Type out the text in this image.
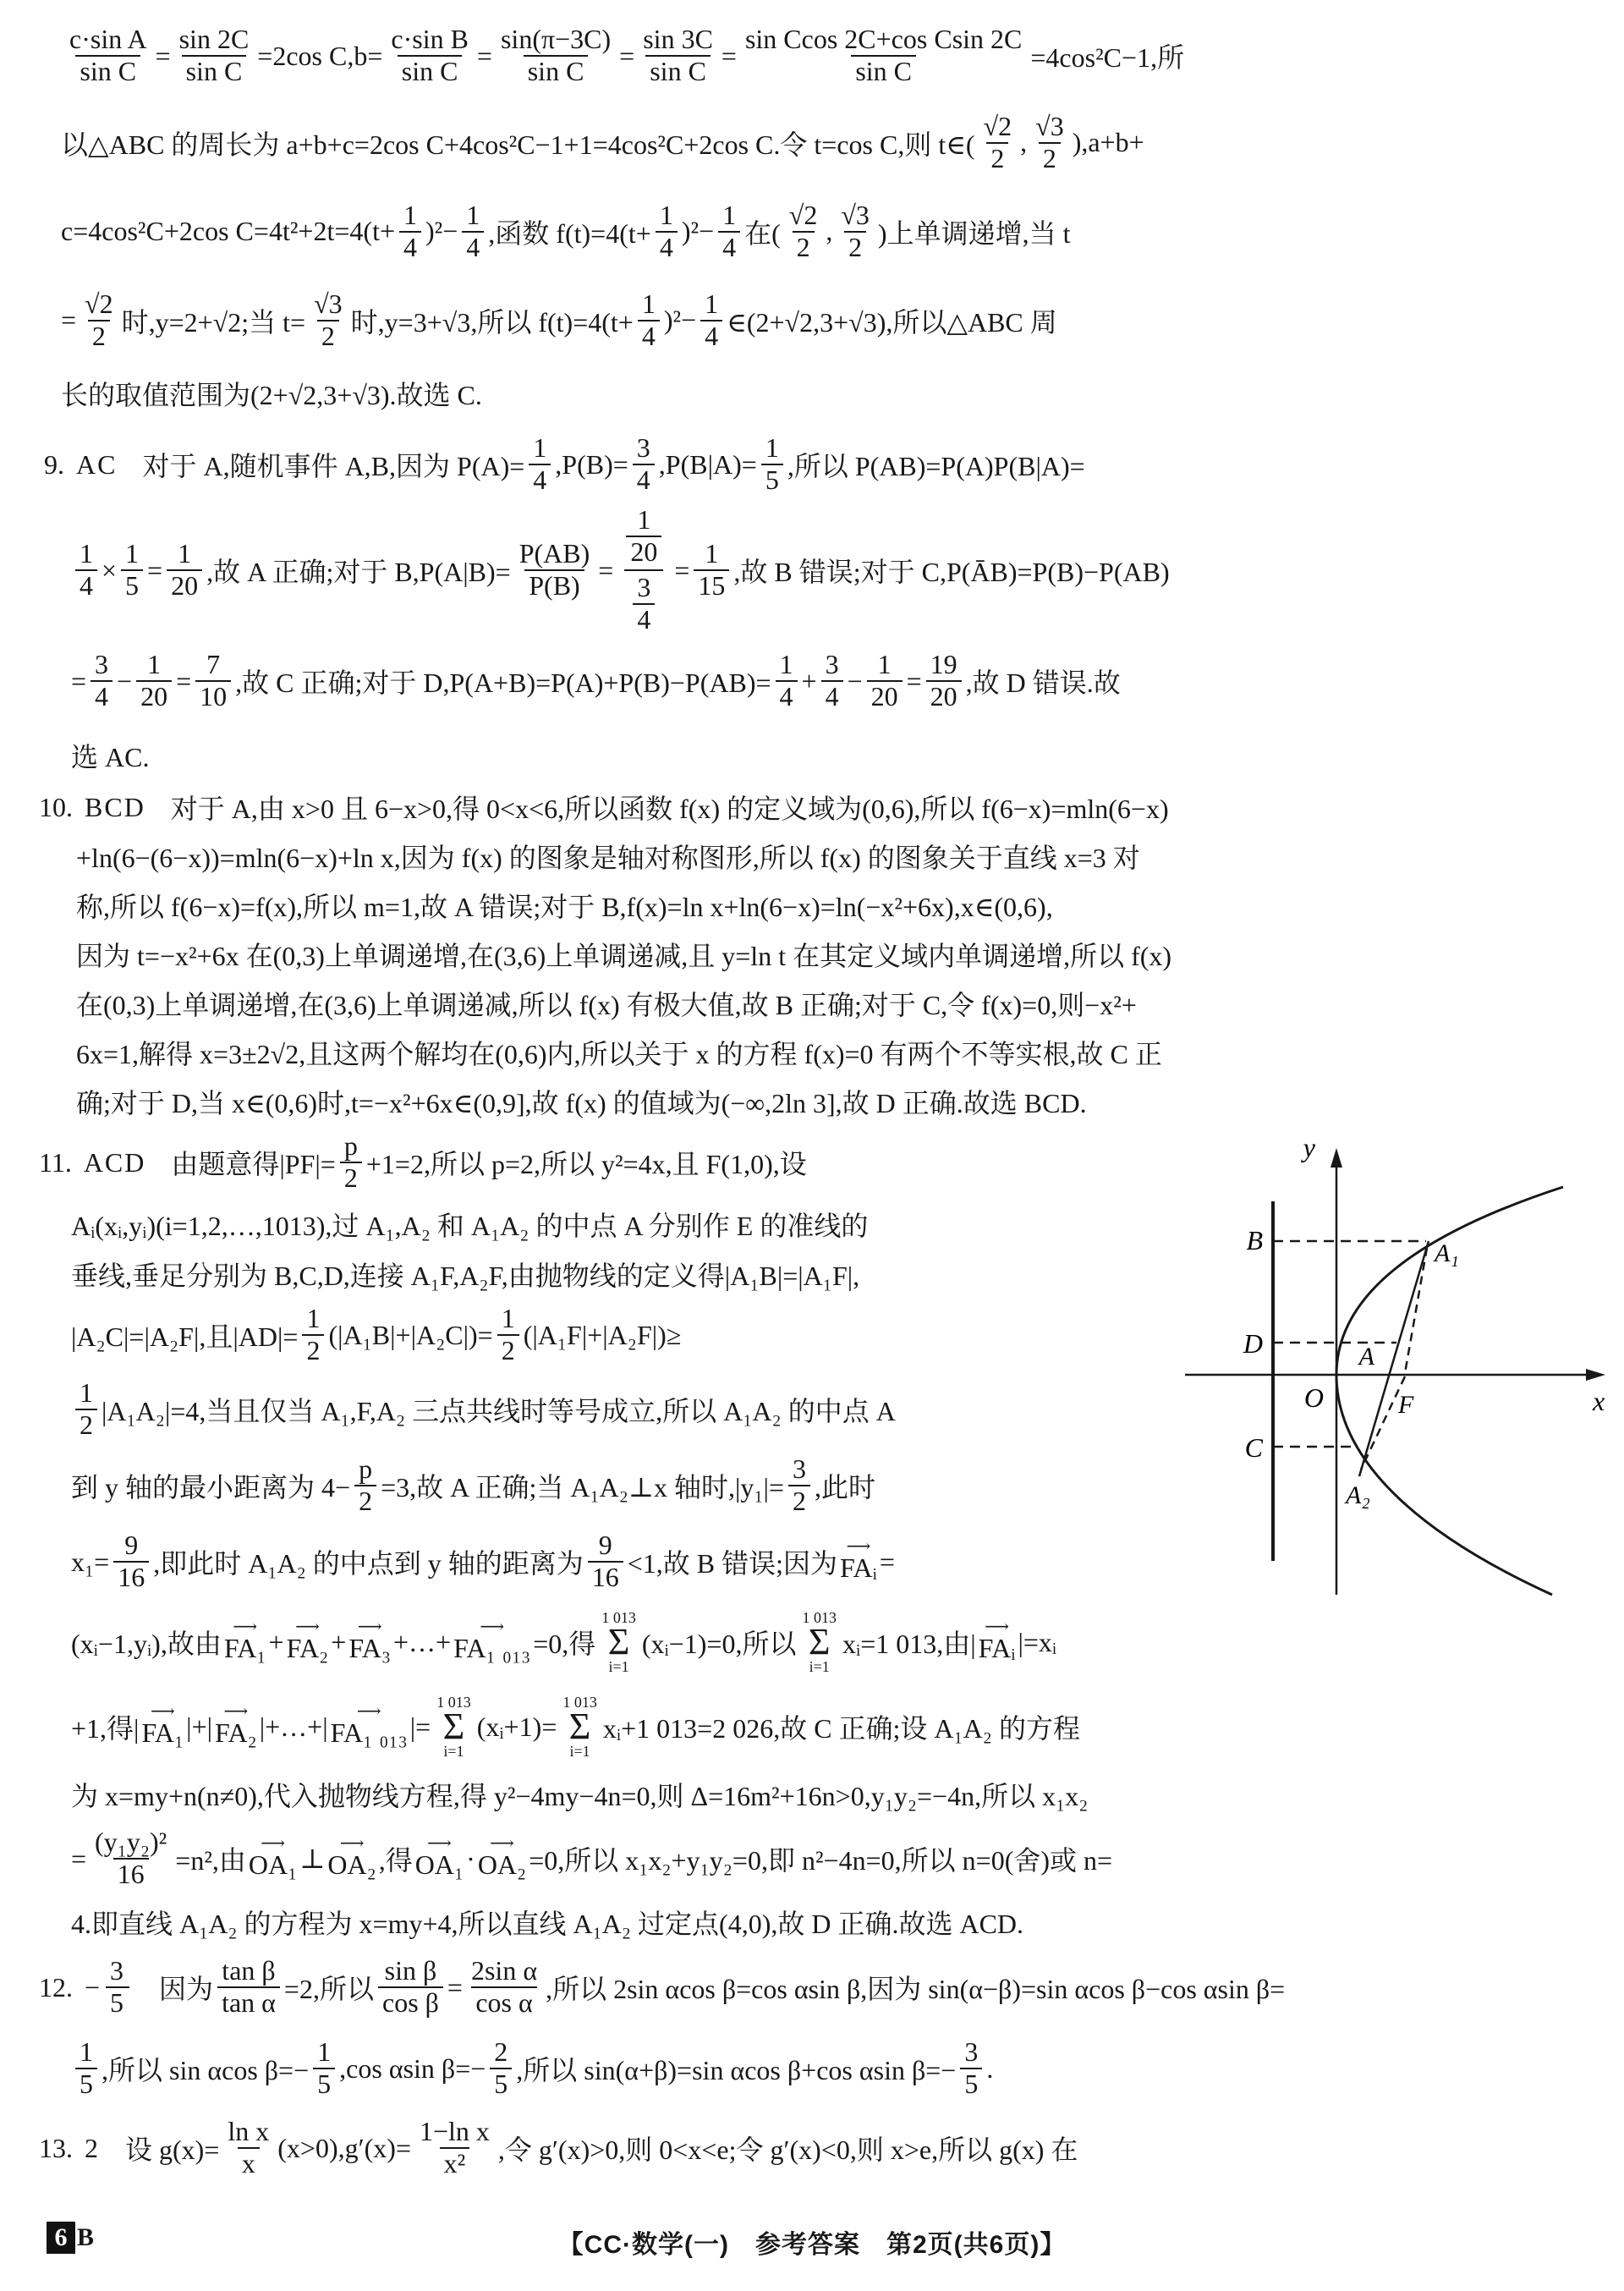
$\frac{\text{c·sin A}}{\text{sin C}} = \frac{\sin 2C}{\text{sin C}} =2\cos$ $C,b= \frac{\text{c·sin B}}{\text{sin C}} = \frac{\sin(\pi-3C)}{\text{sin C}} = \frac{\sin 3C}{\text{sin C}} = \frac{\text{sin Ccos 2C+cos Csin 2C}}{\text{sin C}} =4\cos^2C-1$,所
以△ABC 的周长为 a+b+c=2cos C+4cos²C−1+1=4cos²C+2cos C.令 t=cos C,则 t∈( $\frac{√2}{2}$ , $\frac{√3}{2} ),a+b+$
c=4cos²C+2cos $C=4t^2+2t=4(t+ \frac{1}{4} )^2- \frac{1}{4}$ ,函数 $f(t)=4(t+ \frac{1}{4} )^2- \frac{1}{4}$ 在( $\frac{√2}{2}$ , $\frac{√3}{2}$ )上单调递增,当 t
= $\frac{√2}{2}$ 时,y=2+√2;当 $t= \frac{√3}{2}$ 时,y=3+√3,所以 $f(t)=4(t+ \frac{1}{4} )^2- \frac{1}{4}$ ∈(2+√2,3+√3),所以△ABC 周
长的取值范围为(2+√2,3+√3).故选 C.
9. AC 对于 A,随机事件 A,B,因为 $P(A)= \frac{1}{4} ,P(B)= \frac{3}{4} ,P(B|A)= \frac{1}{5}$ ,所以 P(AB)=P(A)P(B|A)=
$\frac{1}{4} \times \frac{1}{5} = \frac{1}{20}$ ,故 A 正确;对于 $B,P(A|B)= \frac{P(AB)}{P(B)} = \frac{\frac{1}{20}}{\frac{3}{4}} = \frac{1}{15}$ ,故 B 错误;对于 C,P(ĀB)=P(B)−P(AB)
= $\frac{3}{4} - \frac{1}{20} = \frac{7}{10}$ ,故 C 正确;对于 $D,P(A+B)=P(A)+P(B)-P(AB)= \frac{1}{4} + \frac{3}{4} - \frac{1}{20} = \frac{19}{20}$ ,故 D 错误.故
选 AC.
10. BCD 对于 A,由 x>0 且 6−x>0,得 0<x<6,所以函数 f(x) 的定义域为(0,6),所以 f(6−x)=mln(6−x)
+ln(6−(6−x))=mln(6−x)+ln x,因为 f(x) 的图象是轴对称图形,所以 f(x) 的图象关于直线 x=3 对
称,所以 f(6−x)=f(x),所以 m=1,故 A 错误;对于 B,f(x)=ln x+ln(6−x)=ln(−x²+6x),x∈(0,6),
因为 t=−x²+6x 在(0,3)上单调递增,在(3,6)上单调递减,且 y=ln t 在其定义域内单调递增,所以 f(x)
在(0,3)上单调递增,在(3,6)上单调递减,所以 f(x) 有极大值,故 B 正确;对于 C,令 f(x)=0,则−x²+
6x=1,解得 x=3±2√2,且这两个解均在(0,6)内,所以关于 x 的方程 f(x)=0 有两个不等实根,故 C 正
确;对于 D,当 x∈(0,6)时,t=−x²+6x∈(0,9],故 f(x) 的值域为(−∞,2ln 3],故 D 正确.故选 BCD.
11. ACD 由题意得$|PF|= \frac{p}{2} +1=2$,所以 p=2,所以 y²=4x,且 F(1,0),设
Aᵢ(xᵢ,yᵢ)(i=1,2,…,1013),过 A₁,A₂ 和 A₁A₂ 的中点 A 分别作 E 的准线的
垂线,垂足分别为 B,C,D,连接 A₁F,A₂F,由抛物线的定义得|A₁B|=|A₁F|,
|A₂C|=|A₂F|,且$|AD|= \frac{1}{2} (|A_1B|+|A_2C|)= \frac{1}{2} (|A_1F|+|A_2F|)\ge$
$\frac{1}{2} |A_1A_2|=4$,当且仅当 A₁,F,A₂ 三点共线时等号成立,所以 A₁A₂ 的中点 A
到 y 轴的最小距离为 $4- \frac{p}{2} =3$,故 A 正确;当 A₁A₂⊥x 轴时$,|y_1|= \frac{3}{2}$ ,此时
$x_1= \frac{9}{16}$ ,即此时 A₁A₂ 的中点到 y 轴的距离为 $\frac{9}{16} <1$,故 B 错误;因为
⟶
FAᵢ =
(xᵢ−1,yᵢ),故由
⟶
FA₁ + ⟶
FA₂ + ⟶
FA₃ +…+ ⟶
FA₁ ₀₁₃ =0,得
1 013
Σ
i=1
(xᵢ−1)=0,所以
1 013
Σ
i=1
xᵢ=1 013,由|
⟶
FAᵢ |=xᵢ
+1,得|
⟶
FA₁ |+| ⟶
FA₂ |+…+| ⟶
FA₁ ₀₁₃ |=
1 013
Σ
i=1
(xᵢ+1)=
1 013
Σ
i=1
xᵢ+1 013=2 026,故 C 正确;设 A₁A₂ 的方程
为 x=my+n(n≠0),代入抛物线方程,得 y²−4my−4n=0,则 Δ=16m²+16n>0,y₁y₂=−4n,所以 x₁x₂
= $\frac{\text{(y₁y₂)²}}{16} =n^2$,由
⟶
OA₁ ⊥
⟶
OA₂ ,得
⟶
OA₁ · ⟶
OA₂ =0,所以 x₁x₂+y₁y₂=0,即 n²−4n=0,所以 n=0(舍)或 n=
4.即直线 A₁A₂ 的方程为 x=my+4,所以直线 A₁A₂ 过定点(4,0),故 D 正确.故选 ACD.
12. − $\frac{3}{5}$ 因为 $\frac{\text{tan β}}{\text{tan α}} =2$,所以 $\frac{\text{sin β}}{\text{cos β}} = \frac{\text{2sin α}}{\text{cos α}}$ ,所以 2sin αcos β=cos αsin β,因为 sin(α−β)=sin αcos β−cos αsin β=
$\frac{1}{5}$ ,所以 sin αcos $\beta=- \frac{1}{5} ,\cos$ αsin $\beta=- \frac{2}{5}$ ,所以 sin(α+β)=sin αcos β+cos αsin $\beta=- \frac{3}{5}$ .
13. 2 设 $g(x)= \frac{\text{ln x}}{x} (x>0),g'(x)= \frac{\text{1−ln x}}{\text{x²}}$ ,令 g′(x)>0,则 0<x<e;令 g′(x)<0,则 x>e,所以 g(x) 在
y
x
O
B
D
C
A
A₁
A₂
F
6 B	【CC·数学(一)　参考答案　第2页(共6页)】
